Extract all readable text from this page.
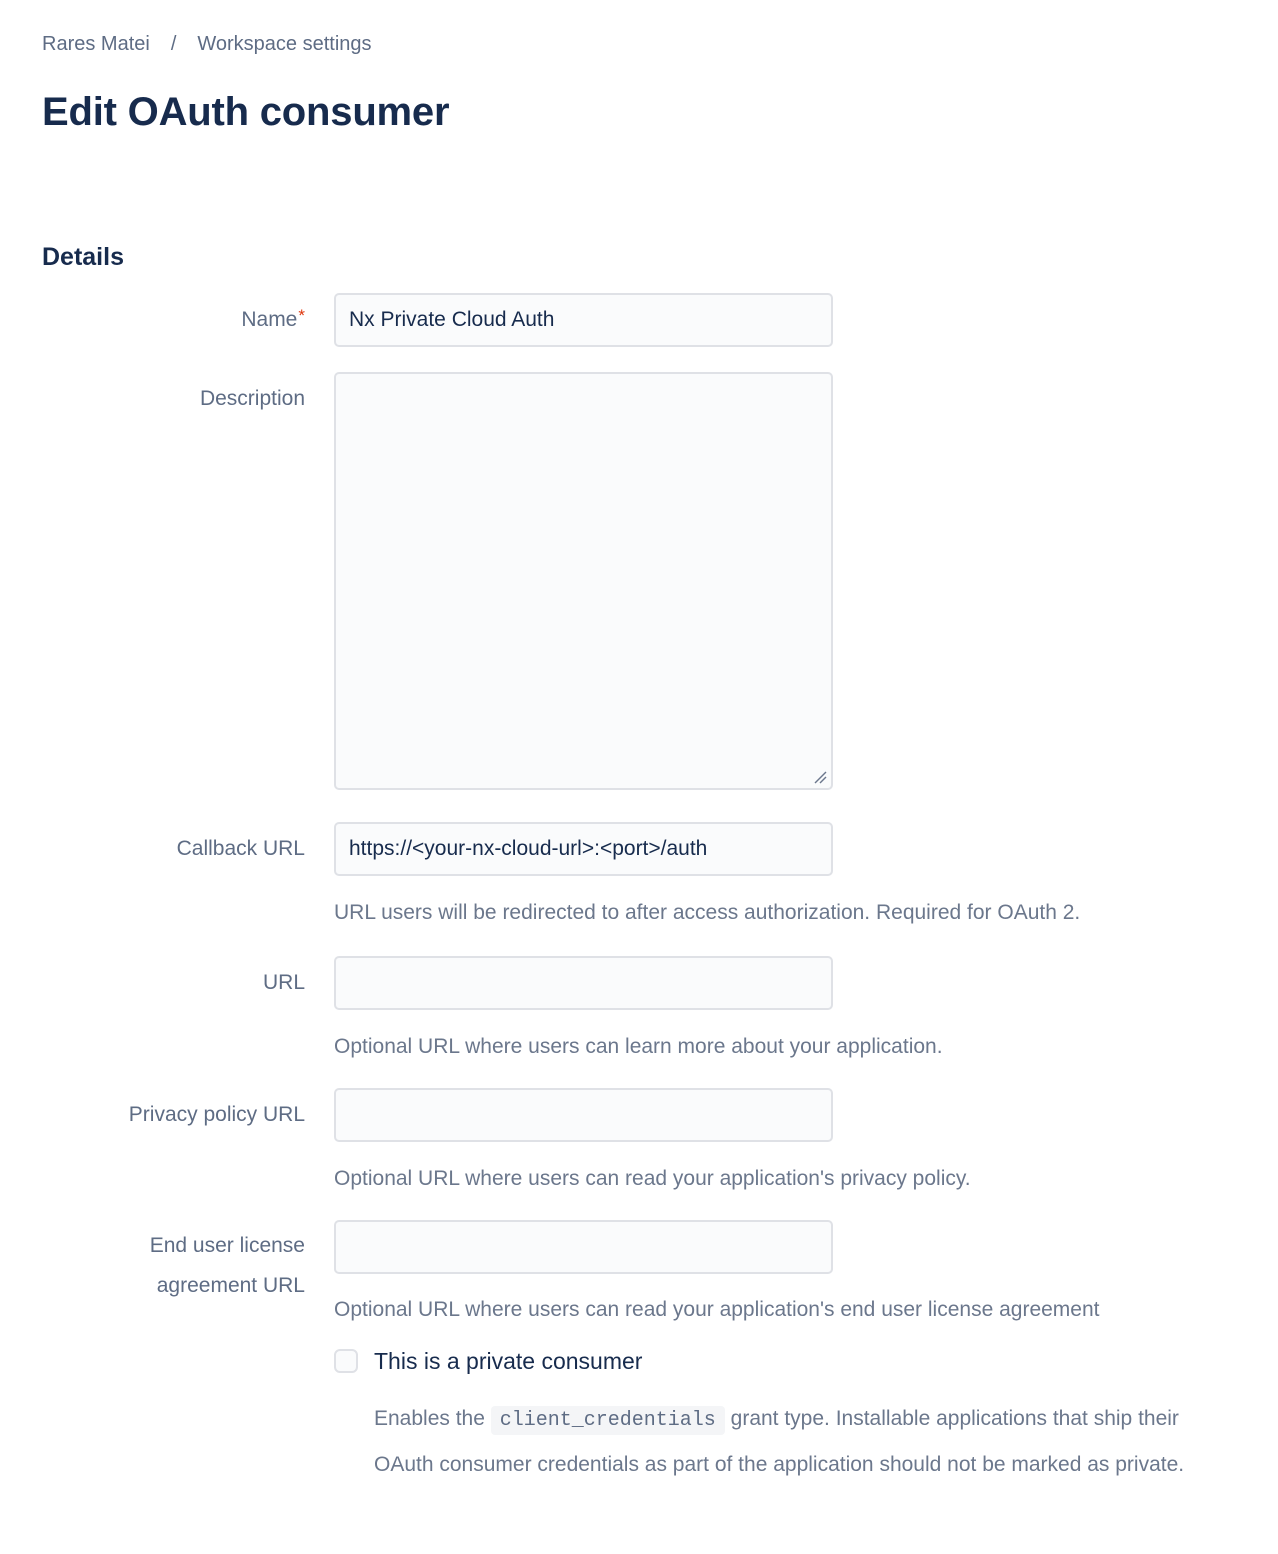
Rares Matei / Workspace settings
Edit OAuth consumer
Details
Name*
Nx Private Cloud Auth
Description
Callback URL
https://<your-nx-cloud-url>:<port>/auth
URL users will be redirected to after access authorization. Required for OAuth 2.
URL
Optional URL where users can learn more about your application.
Privacy policy URL
Optional URL where users can read your application's privacy policy.
End user license agreement URL
Optional URL where users can read your application's end user license agreement
This is a private consumer

Enables the client_credentials grant type. Installable applications that ship their OAuth consumer credentials as part of the application should not be marked as private.
